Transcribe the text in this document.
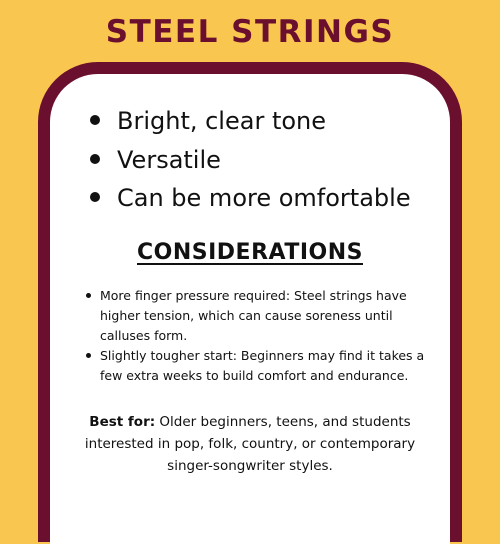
STEEL STRINGS
Bright, clear tone
Versatile
Can be more omfortable
CONSIDERATIONS
More finger pressure required: Steel strings have higher tension, which can cause soreness until calluses form.
Slightly tougher start: Beginners may find it takes a few extra weeks to build comfort and endurance.
Best for: Older beginners, teens, and students interested in pop, folk, country, or contemporary singer-songwriter styles.
